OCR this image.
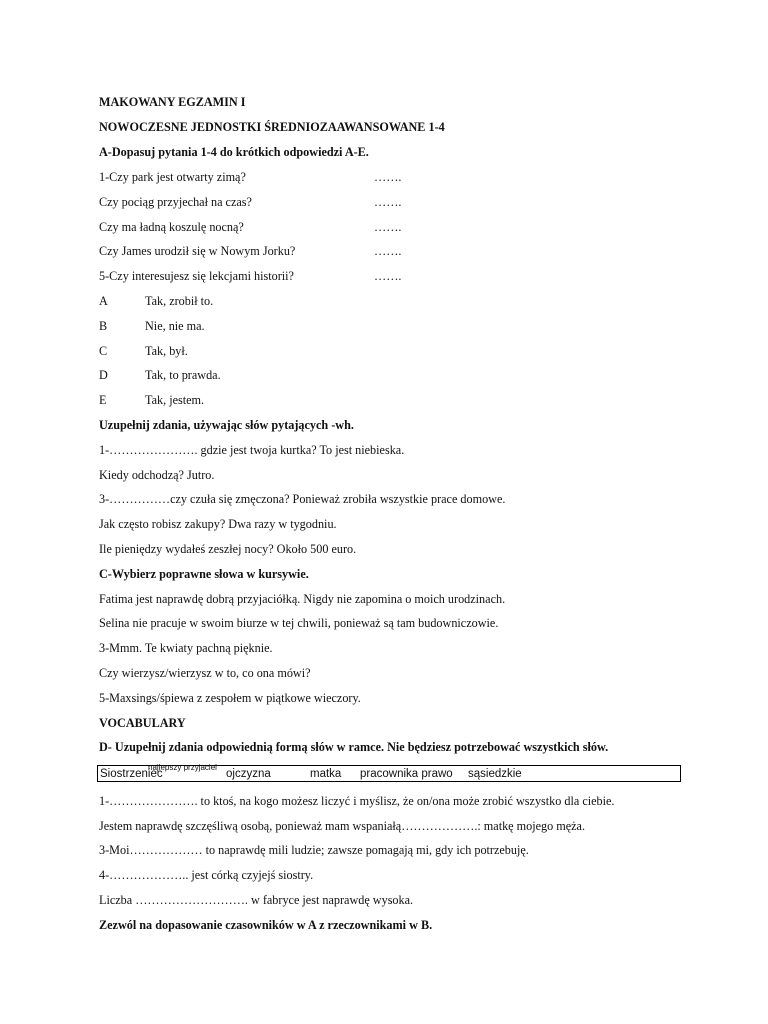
MAKOWANY EGZAMIN I
NOWOCZESNE JEDNOSTKI ŚREDNIOZAAWANSOWANE 1-4
A-Dopasuj pytania 1-4 do krótkich odpowiedzi A-E.
1-Czy park jest otwarty zimą?	…….
Czy pociąg przyjechał na czas?	…….
Czy ma ładną koszulę nocną?	…….
Czy James urodził się w Nowym Jorku?	…….
5-Czy interesujesz się lekcjami historii?	…….
A	Tak, zrobił to.
B	Nie, nie ma.
C	Tak, był.
D	Tak, to prawda.
E	Tak, jestem.
Uzupełnij zdania, używając słów pytających -wh.
1-…………………. gdzie jest twoja kurtka? To jest niebieska.
Kiedy odchodzą? Jutro.
3-……………czy czuła się zmęczona? Ponieważ zrobiła wszystkie prace domowe.
Jak często robisz zakupy? Dwa razy w tygodniu.
Ile pieniędzy wydałeś zeszłej nocy? Około 500 euro.
C-Wybierz poprawne słowa w kursywie.
Fatima jest naprawdę dobrą przyjaciółką. Nigdy nie zapomina o moich urodzinach.
Selina nie pracuje w swoim biurze w tej chwili, ponieważ są tam budowniczowie.
3-Mmm. Te kwiaty pachną pięknie.
Czy wierzysz/wierzysz w to, co ona mówi?
5-Maxsings/śpiewa z zespołem w piątkowe wieczory.
VOCABULARY
D- Uzupełnij zdania odpowiednią formą słów w ramce. Nie będziesz potrzebować wszystkich słów.
Siostrzeniec
najlepszy przyjaciel
ojczyzna	matka pracownika prawo sąsiedzkie
1-…………………. to ktoś, na kogo możesz liczyć i myślisz, że on/ona może zrobić wszystko dla ciebie.
Jestem naprawdę szczęśliwą osobą, ponieważ mam wspaniałą……………….: matkę mojego męża.
3-Moi……………… to naprawdę mili ludzie; zawsze pomagają mi, gdy ich potrzebuję.
4-……………….. jest córką czyjejś siostry.
Liczba ………………………. w fabryce jest naprawdę wysoka.
Zezwól na dopasowanie czasowników w A z rzeczownikami w B.
